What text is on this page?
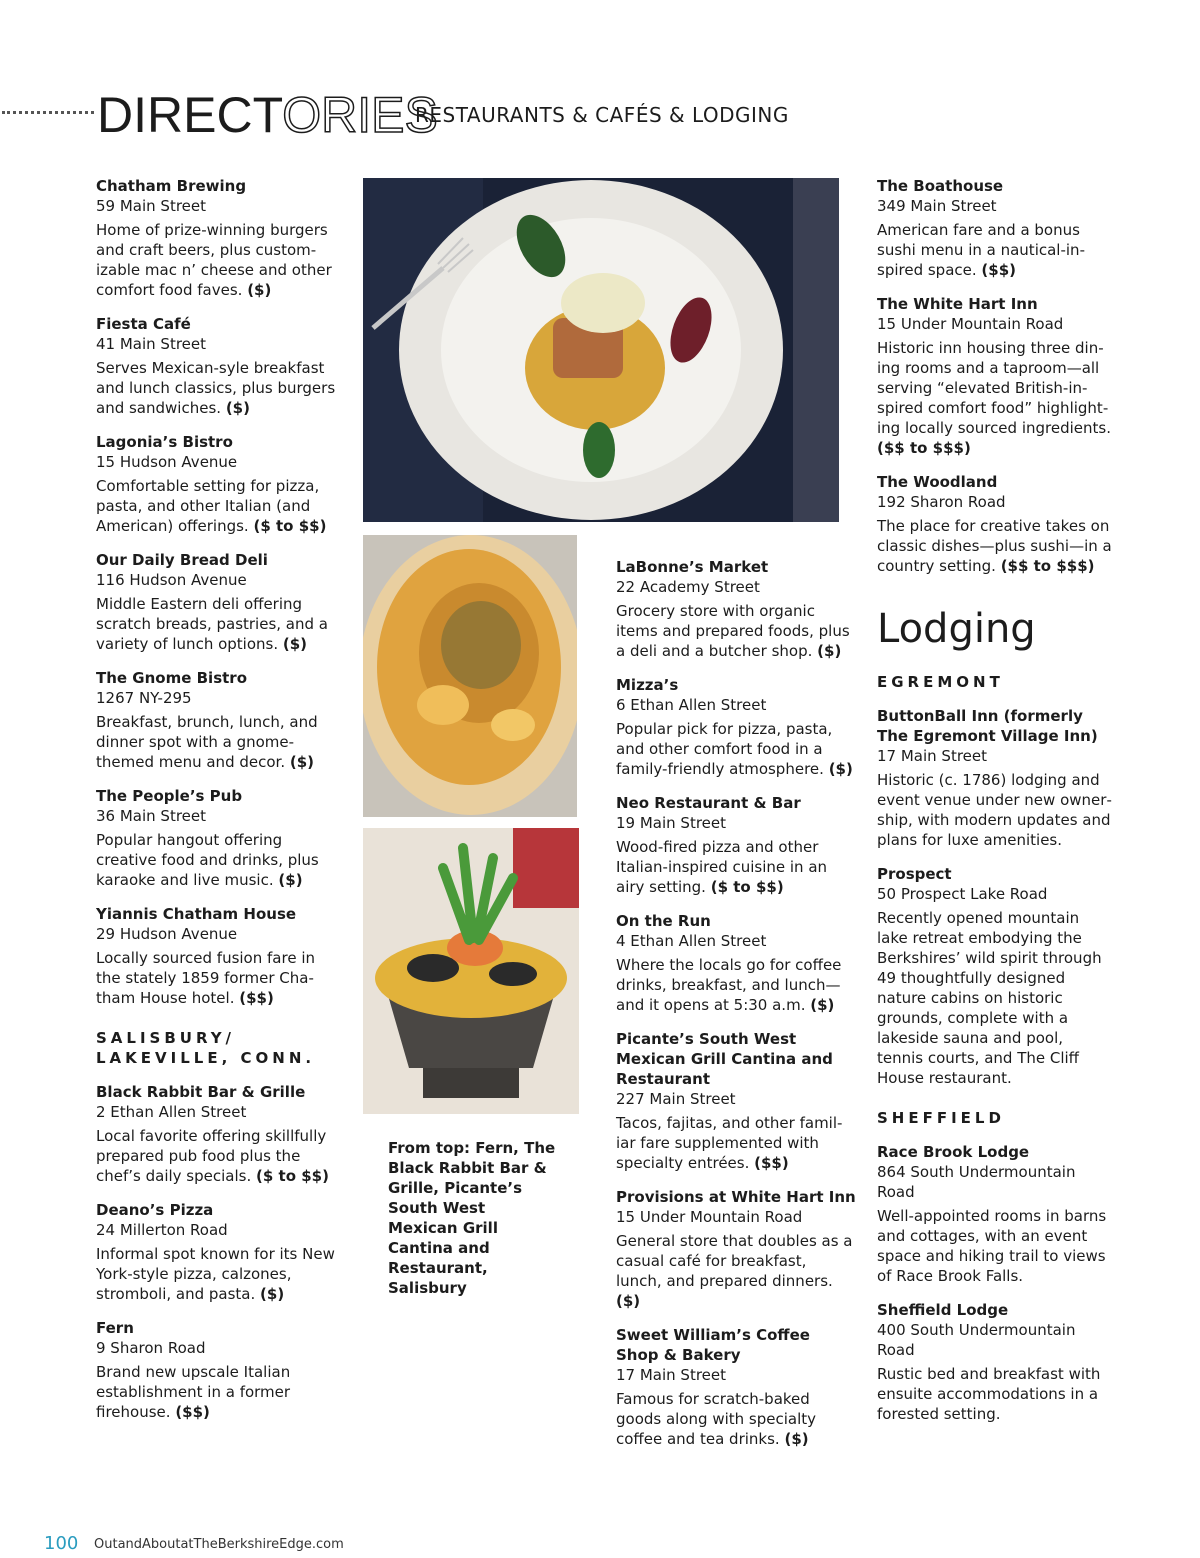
DIRECTORIES
RESTAURANTS & CAFÉS & LODGING
Chatham Brewing
59 Main Street
Home of prize-winning burgers and craft beers, plus customizable mac n’ cheese and other comfort food faves. ($)
Fiesta Café
41 Main Street
Serves Mexican-syle breakfast and lunch classics, plus burgers and sandwiches. ($)
Lagonia’s Bistro
15 Hudson Avenue
Comfortable setting for pizza, pasta, and other Italian (and American) offerings. ($ to $$)
Our Daily Bread Deli
116 Hudson Avenue
Middle Eastern deli offering scratch breads, pastries, and a variety of lunch options. ($)
The Gnome Bistro
1267 NY-295
Breakfast, brunch, lunch, and dinner spot with a gnome-themed menu and decor. ($)
The People’s Pub
36 Main Street
Popular hangout offering creative food and drinks, plus karaoke and live music. ($)
Yiannis Chatham House
29 Hudson Avenue
Locally sourced fusion fare in the stately 1859 former Chatham House hotel. ($$)
SALISBURY/
LAKEVILLE, CONN.
Black Rabbit Bar & Grille
2 Ethan Allen Street
Local favorite offering skillfully prepared pub food plus the chef’s daily specials. ($ to $$)
Deano’s Pizza
24 Millerton Road
Informal spot known for its New York-style pizza, calzones, stromboli, and pasta. ($)
Fern
9 Sharon Road
Brand new upscale Italian establishment in a former firehouse. ($$)
From top: Fern, The Black Rabbit Bar & Grille, Picante’s South West Mexican Grill Cantina and Restaurant, Salisbury
LaBonne’s Market
22 Academy Street
Grocery store with organic items and prepared foods, plus a deli and a butcher shop. ($)
Mizza’s
6 Ethan Allen Street
Popular pick for pizza, pasta, and other comfort food in a family-friendly atmosphere. ($)
Neo Restaurant & Bar
19 Main Street
Wood-fired pizza and other Italian-inspired cuisine in an airy setting. ($ to $$)
On the Run
4 Ethan Allen Street
Where the locals go for coffee drinks, breakfast, and lunch—and it opens at 5:30 a.m. ($)
Picante’s South West Mexican Grill Cantina and Restaurant
227 Main Street
Tacos, fajitas, and other familiar fare supplemented with specialty entrées. ($$)
Provisions at White Hart Inn
15 Under Mountain Road
General store that doubles as a casual café for breakfast, lunch, and prepared dinners. ($)
Sweet William’s Coffee Shop & Bakery
17 Main Street
Famous for scratch-baked goods along with specialty coffee and tea drinks. ($)
The Boathouse
349 Main Street
American fare and a bonus sushi menu in a nautical-inspired space. ($$)
The White Hart Inn
15 Under Mountain Road
Historic inn housing three dining rooms and a taproom—all serving “elevated British-inspired comfort food” highlighting locally sourced ingredients. ($$ to $$$)
The Woodland
192 Sharon Road
The place for creative takes on classic dishes—plus sushi—in a country setting. ($$ to $$$)
Lodging
EGREMONT
ButtonBall Inn (formerly The Egremont Village Inn)
17 Main Street
Historic (c. 1786) lodging and event venue under new ownership, with modern updates and plans for luxe amenities.
Prospect
50 Prospect Lake Road
Recently opened mountain lake retreat embodying the Berkshires’ wild spirit through 49 thoughtfully designed nature cabins on historic grounds, complete with a lakeside sauna and pool, tennis courts, and The Cliff House restaurant.
SHEFFIELD
Race Brook Lodge
864 South Undermountain Road
Well-appointed rooms in barns and cottages, with an event space and hiking trail to views of Race Brook Falls.
Sheffield Lodge
400 South Undermountain Road
Rustic bed and breakfast with ensuite accommodations in a forested setting.
100 OutandAboutatTheBerkshireEdge.com
